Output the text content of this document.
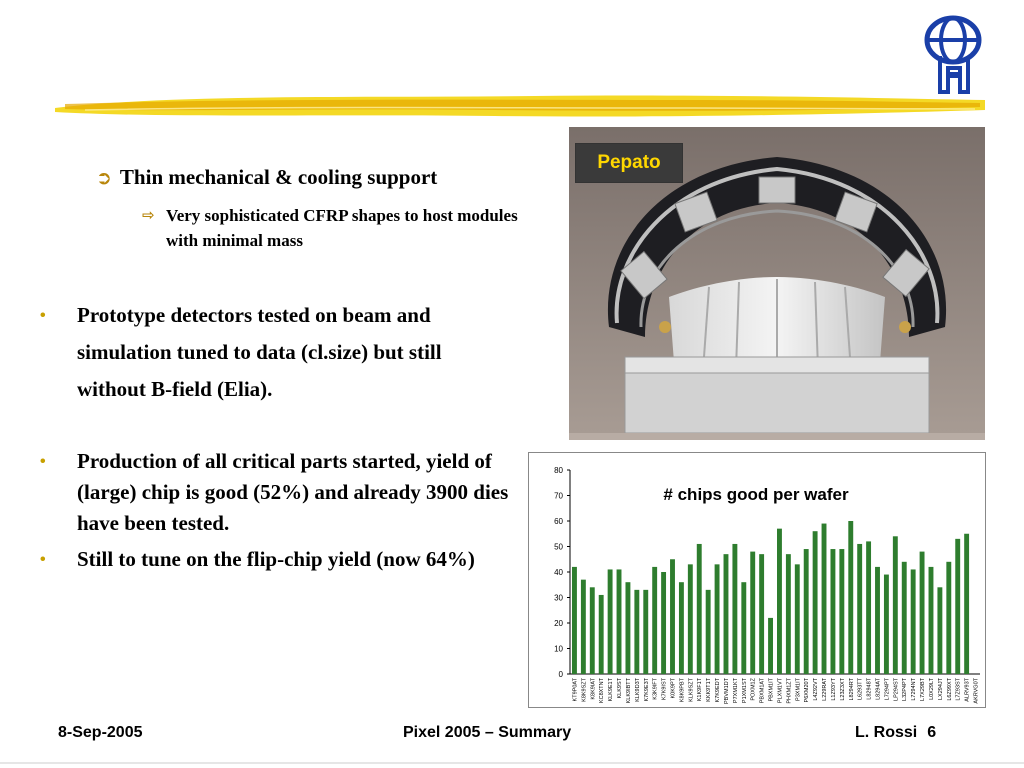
➲ Thin mechanical & cooling support
⇨ Very sophisticated CFRP shapes to host modules with minimal mass
•	Prototype detectors tested on beam and simulation tuned to data (cl.size) but still without B-field (Elia).
•	Production of all critical parts started, yield of (large) chip is good (52%) and already 3900 dies have been tested.
•	Still to tune on the flip-chip yield (now 64%)
Pepato
# chips good per wafer
0
10
20
30
40
50
60
70
80
KT9P0AT K8K9SZT K8K9IAT KC8XTNT KLK9E1T KLK9ST KLK9IBTT KLK9D3T K7K9E3T K3K9IFT K7K9IST K0K9PT K8K9PBT KLK9SZT K1K9F1T KKK9T1T K7K9EDT PBVM1DT P7XM1KT P1XM1ST POXM1Z PBXM1AT PBXM1IT PLXM1VT PHXM1ZT P3XM1IT P6XM20T L4Z92VT L229RAT L1Z93YT L23Z3XT L8294RT L6293TT L82948T L8294AT L7294PT LP294ST L32P4PT L7294NT L7X29BT L0X29LT LX294JT L6Z99XT L7Z93ST ALRV93T AKRVG0T
8-Sep-2005	Pixel 2005 – Summary	L. Rossi 6
